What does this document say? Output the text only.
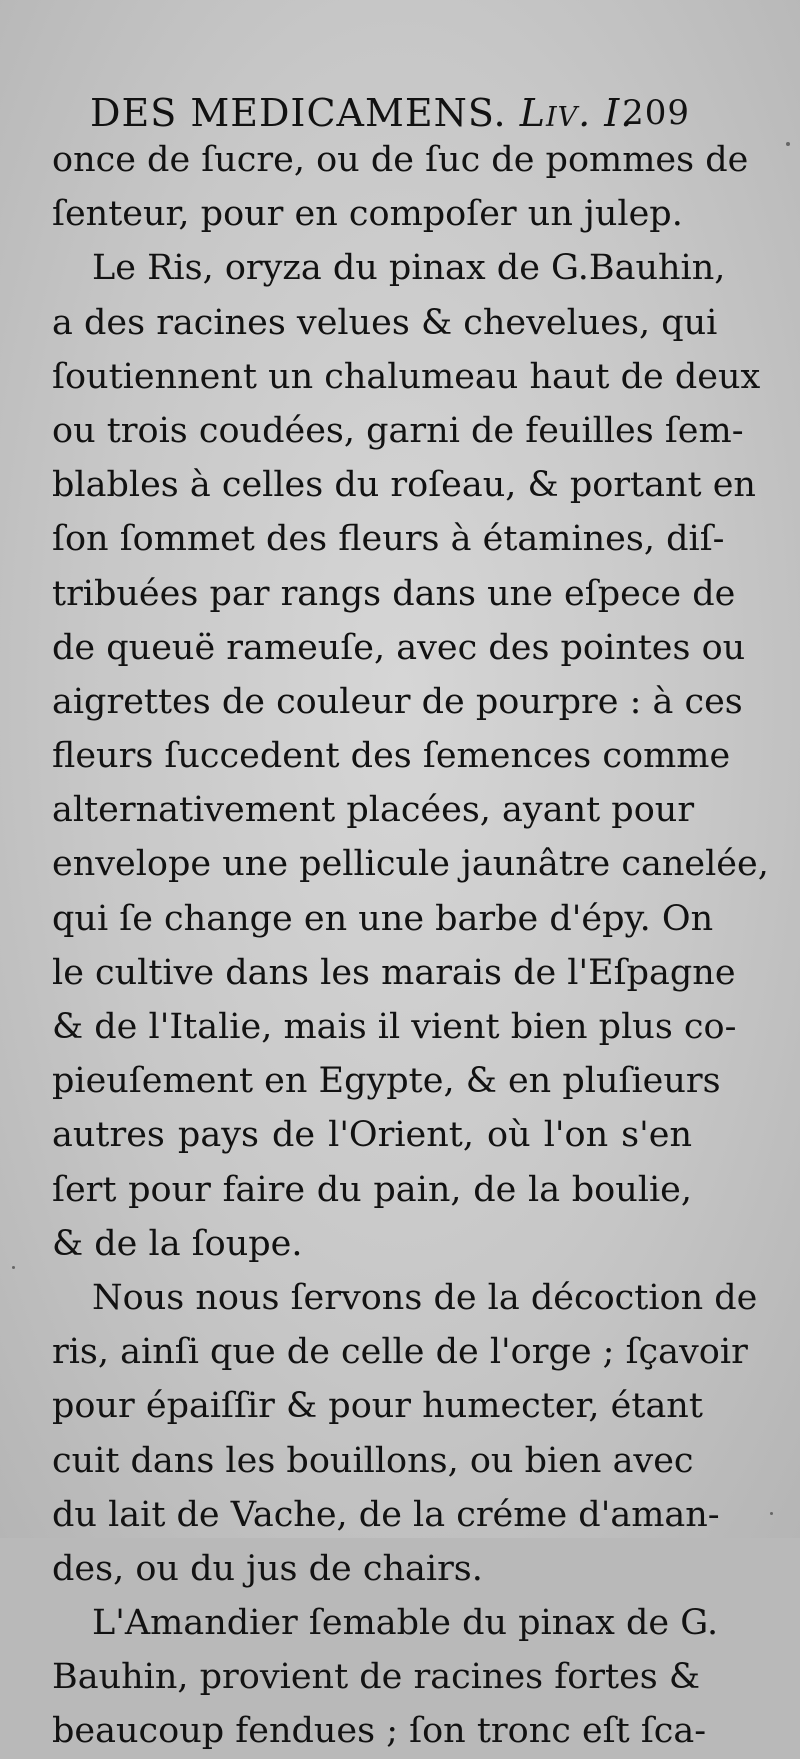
DES MEDICAMENS. Liv. I.
209
once de ſucre, ou de ſuc de pommes de
ſenteur, pour en compoſer un julep.
Le Ris, oryza du pinax de G.Bauhin,
a des racines velues & chevelues, qui
ſoutiennent un chalumeau haut de deux
ou trois coudées, garni de feuilles ſem-
blables à celles du roſeau, & portant en
ſon ſommet des fleurs à étamines, diſ-
tribuées par rangs dans une eſpece de
de queuë rameuſe, avec des pointes ou
aigrettes de couleur de pourpre : à ces
fleurs ſuccedent des ſemences comme
alternativement placées, ayant pour
envelope une pellicule jaunâtre canelée,
qui ſe change en une barbe d'épy. On
le cultive dans les marais de l'Eſpagne
& de l'Italie, mais il vient bien plus co-
pieuſement en Egypte, & en pluſieurs
autres pays de l'Orient, où l'on s'en
ſert pour faire du pain, de la boulie,
& de la ſoupe.
Nous nous ſervons de la décoction de
ris, ainſi que de celle de l'orge ; ſçavoir
pour épaiſſir & pour humecter, étant
cuit dans les bouillons, ou bien avec
du lait de Vache, de la créme d'aman-
des, ou du jus de chairs.
L'Amandier ſemable du pinax de G.
Bauhin, provient de racines fortes &
beaucoup fendues ; ſon tronc eſt ſca-
